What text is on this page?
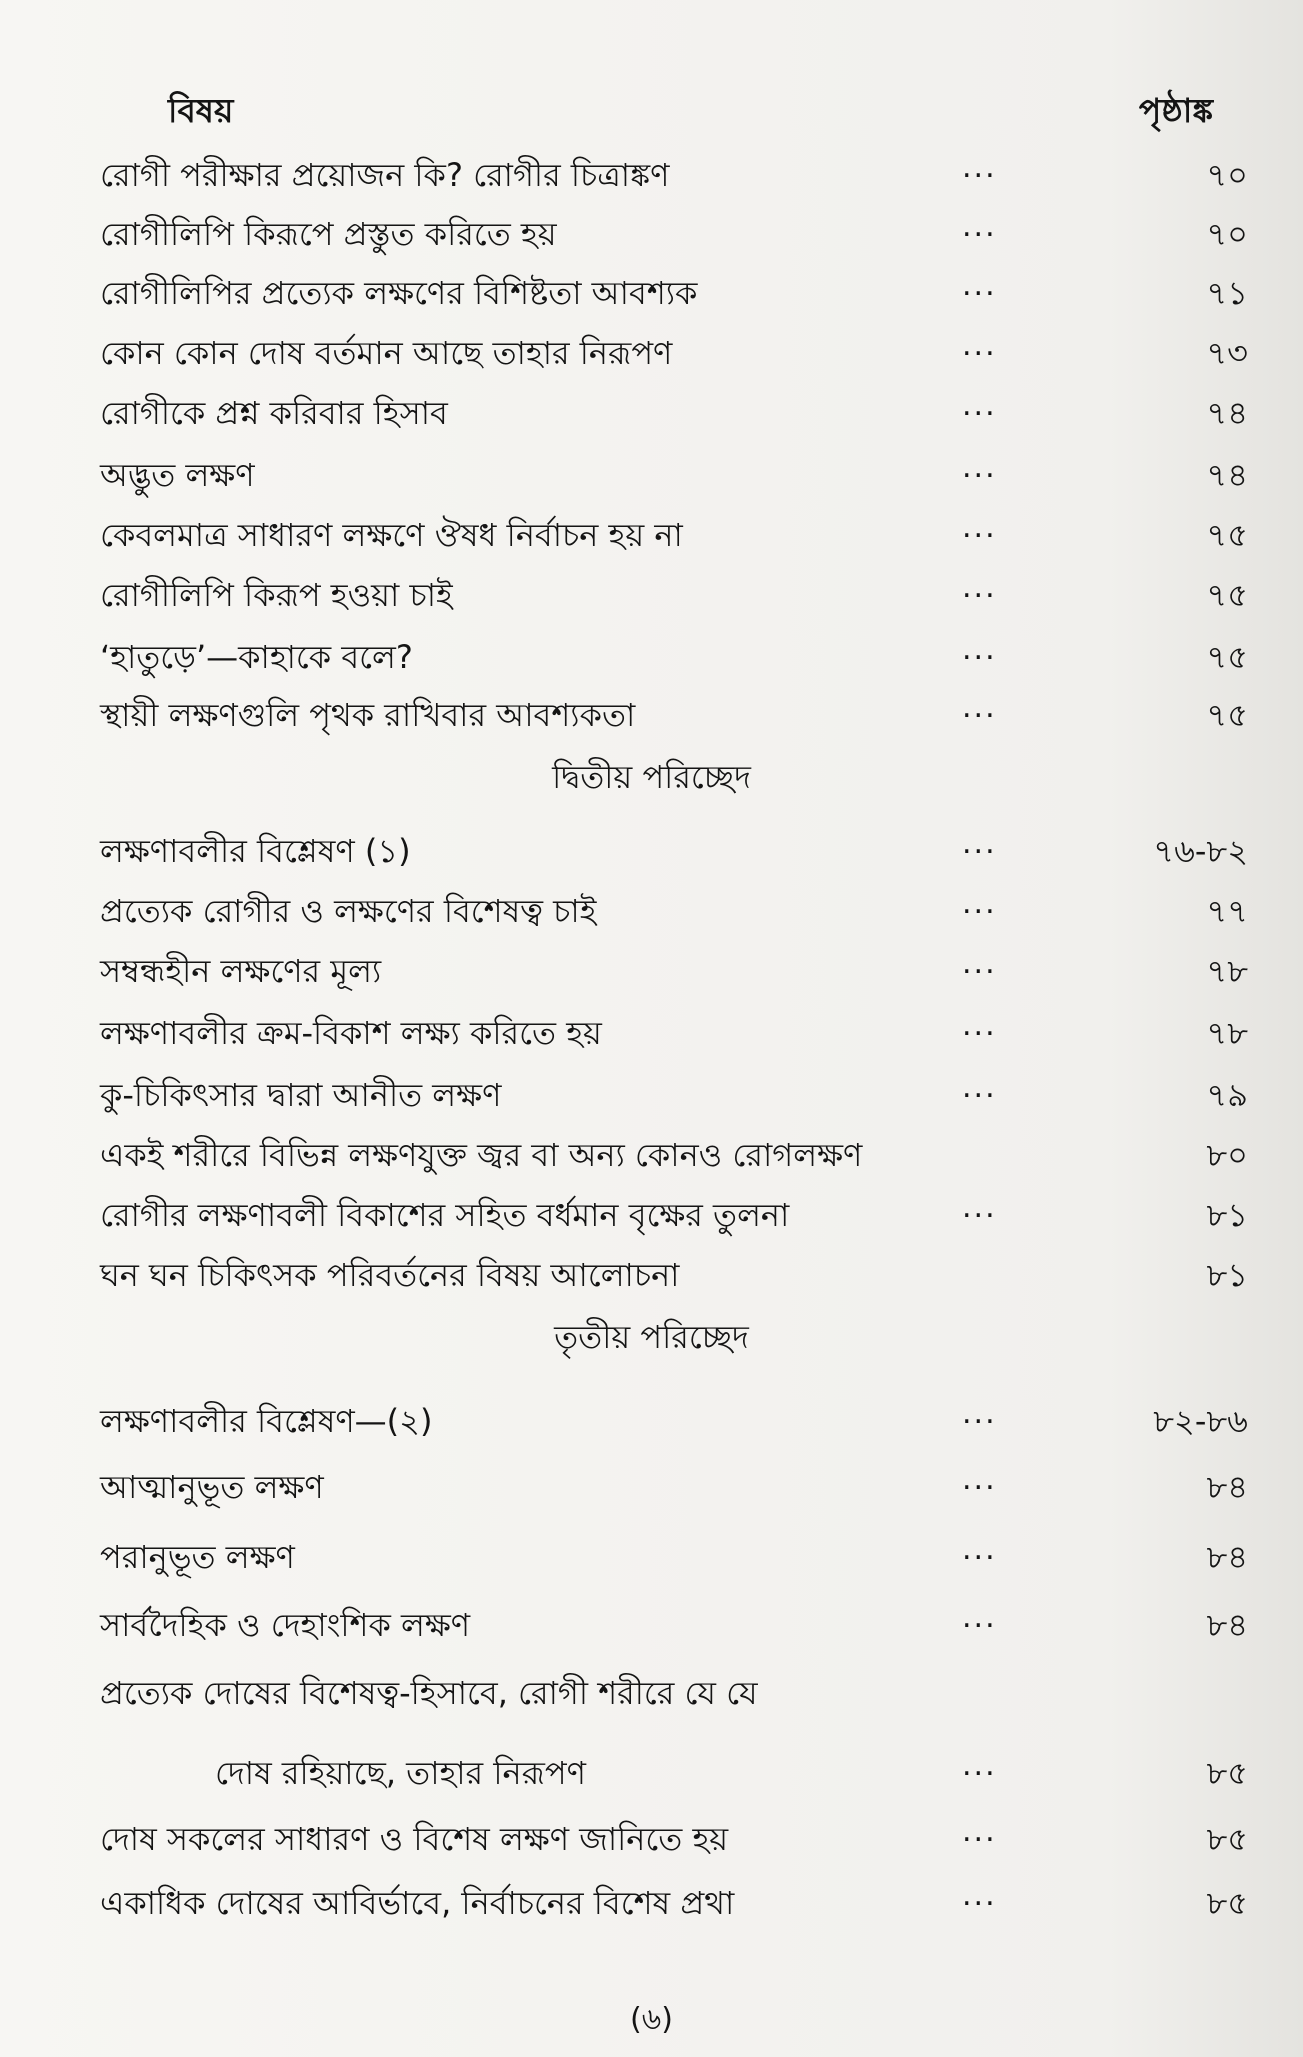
বিষয়	পৃষ্ঠাঙ্ক
রোগী পরীক্ষার প্রয়োজন কি? রোগীর চিত্রাঙ্কণ	...	৭০
রোগীলিপি কিরূপে প্রস্তুত করিতে হয়	...	৭০
রোগীলিপির প্রত্যেক লক্ষণের বিশিষ্টতা আবশ্যক	...	৭১
কোন কোন দোষ বর্তমান আছে তাহার নিরূপণ	...	৭৩
রোগীকে প্রশ্ন করিবার হিসাব	...	৭৪
অদ্ভুত লক্ষণ	...	৭৪
কেবলমাত্র সাধারণ লক্ষণে ঔষধ নির্বাচন হয় না	...	৭৫
রোগীলিপি কিরূপ হওয়া চাই	...	৭৫
‘হাতুড়ে’—কাহাকে বলে?	...	৭৫
স্থায়ী লক্ষণগুলি পৃথক রাখিবার আবশ্যকতা	...	৭৫
দ্বিতীয় পরিচ্ছেদ
লক্ষণাবলীর বিশ্লেষণ (১)	...	৭৬-৮২
প্রত্যেক রোগীর ও লক্ষণের বিশেষত্ব চাই	...	৭৭
সম্বন্ধহীন লক্ষণের মূল্য	...	৭৮
লক্ষণাবলীর ক্রম-বিকাশ লক্ষ্য করিতে হয়	...	৭৮
কু-চিকিৎসার দ্বারা আনীত লক্ষণ	...	৭৯
একই শরীরে বিভিন্ন লক্ষণযুক্ত জ্বর বা অন্য কোনও রোগলক্ষণ	৮০
রোগীর লক্ষণাবলী বিকাশের সহিত বর্ধমান বৃক্ষের তুলনা	...	৮১
ঘন ঘন চিকিৎসক পরিবর্তনের বিষয় আলোচনা	৮১
তৃতীয় পরিচ্ছেদ
লক্ষণাবলীর বিশ্লেষণ—(২)	...	৮২-৮৬
আত্মানুভূত লক্ষণ	...	৮৪
পরানুভূত লক্ষণ	...	৮৪
সার্বদৈহিক ও দেহাংশিক লক্ষণ	...	৮৪
প্রত্যেক দোষের বিশেষত্ব-হিসাবে, রোগী শরীরে যে যে
দোষ রহিয়াছে, তাহার নিরূপণ	...	৮৫
দোষ সকলের সাধারণ ও বিশেষ লক্ষণ জানিতে হয়	...	৮৫
একাধিক দোষের আবির্ভাবে, নির্বাচনের বিশেষ প্রথা	...	৮৫
(৬)
